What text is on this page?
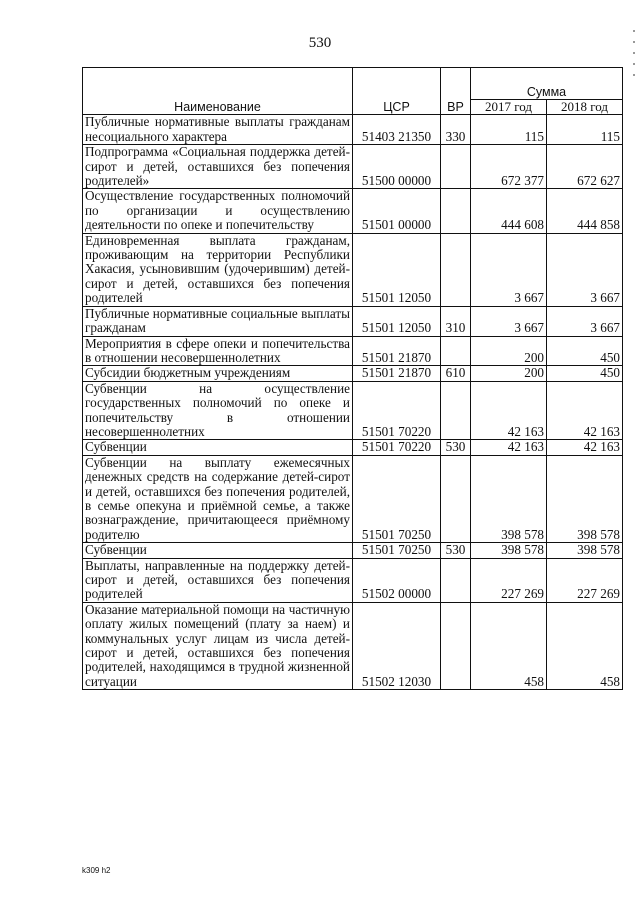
530
Наименование	ЦСР	ВР	Сумма	
			2017 год	2018 год
Публичные нормативные выплаты гражданам несоциального характера	51403 21350	330	115	115
Подпрограмма «Социальная поддержка детей-сирот и детей, оставшихся без попечения родителей»	51500 00000		672 377	672 627
Осуществление государственных полномочий по организации и осуществлению деятельности по опеке и попечительству	51501 00000		444 608	444 858
Единовременная выплата гражданам, проживающим на территории Республики Хакасия, усыновившим (удочерившим) детей-сирот и детей, оставшихся без попечения родителей	51501 12050		3 667	3 667
Публичные нормативные социальные выплаты гражданам	51501 12050	310	3 667	3 667
Мероприятия в сфере опеки и попечительства в отношении несовершеннолетних	51501 21870		200	450
Субсидии бюджетным учреждениям	51501 21870	610	200	450
Субвенции на осуществление государственных полномочий по опеке и попечительству в отношении несовершеннолетних	51501 70220		42 163	42 163
Субвенции	51501 70220	530	42 163	42 163
Субвенции на выплату ежемесячных денежных средств на содержание детей-сирот и детей, оставшихся без попечения родителей, в семье опекуна и приёмной семье, а также вознаграждение, причитающееся приёмному родителю	51501 70250		398 578	398 578
Субвенции	51501 70250	530	398 578	398 578
Выплаты, направленные на поддержку детей-сирот и детей, оставшихся без попечения родителей	51502 00000		227 269	227 269
Оказание материальной помощи на частичную оплату жилых помещений (плату за наем) и коммунальных услуг лицам из числа детей-сирот и детей, оставшихся без попечения родителей, находящимся в трудной жизненной ситуации	51502 12030		458	458
k309 h2
